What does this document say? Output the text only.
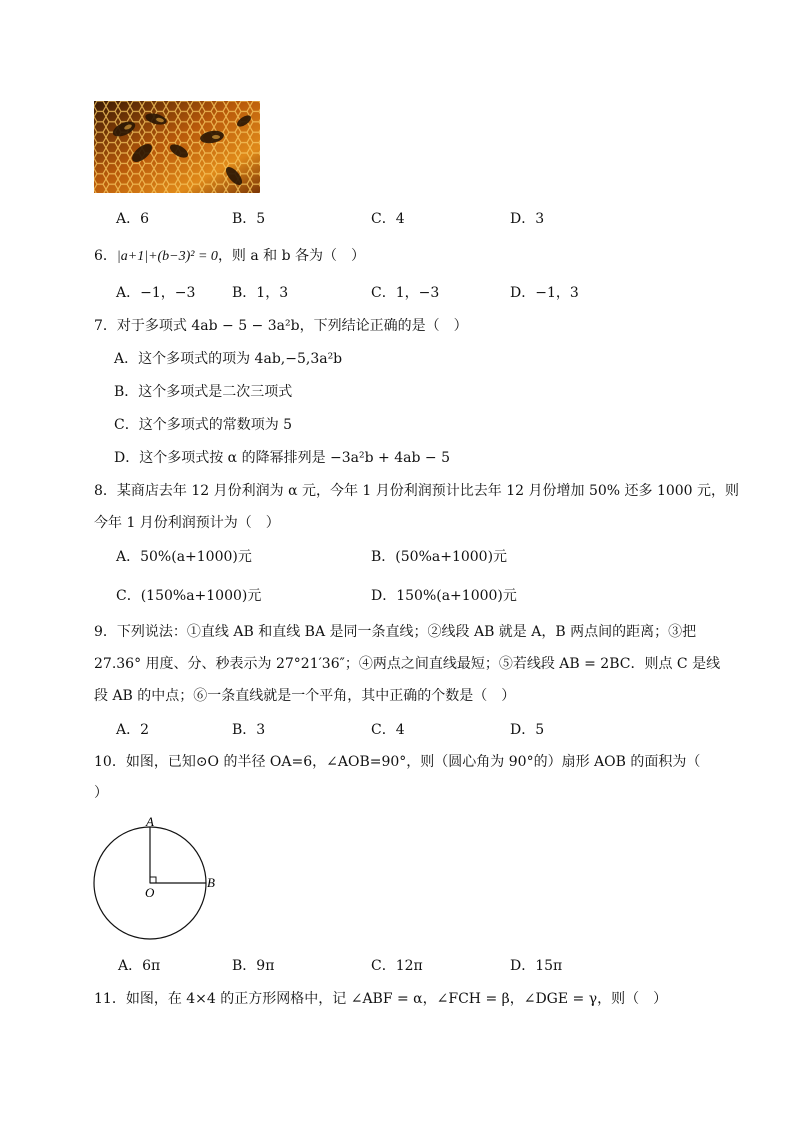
A．6	B．5	C．4	D．3
6．|a+1|+(b−3)² = 0，则 a 和 b 各为（　）
A．−1，−3	B．1，3	C．1，−3	D．−1，3
7．对于多项式 4ab − 5 − 3a²b，下列结论正确的是（　）
A．这个多项式的项为 4ab,−5,3a²b
B．这个多项式是二次三项式
C．这个多项式的常数项为 5
D．这个多项式按 α 的降幂排列是 −3a²b + 4ab − 5
8．某商店去年 12 月份利润为 α 元，今年 1 月份利润预计比去年 12 月份增加 50% 还多 1000 元，则
今年 1 月份利润预计为（　）
A．50%(a+1000)元	B．(50%a+1000)元
C．(150%a+1000)元	D．150%(a+1000)元
9．下列说法：①直线 AB 和直线 BA 是同一条直线；②线段 AB 就是 A，B 两点间的距离；③把
27.36° 用度、分、秒表示为 27°21′36″；④两点之间直线最短；⑤若线段 AB = 2BC．则点 C 是线
段 AB 的中点；⑥一条直线就是一个平角，其中正确的个数是（　）
A．2	B．3	C．4	D．5
10．如图，已知⊙O 的半径 OA=6，∠AOB=90°，则（圆心角为 90°的）扇形 AOB 的面积为（
）
A
B
O
A．6π	B．9π	C．12π	D．15π
11．如图，在 4×4 的正方形网格中，记 ∠ABF = α，∠FCH = β，∠DGE = γ，则（　）
